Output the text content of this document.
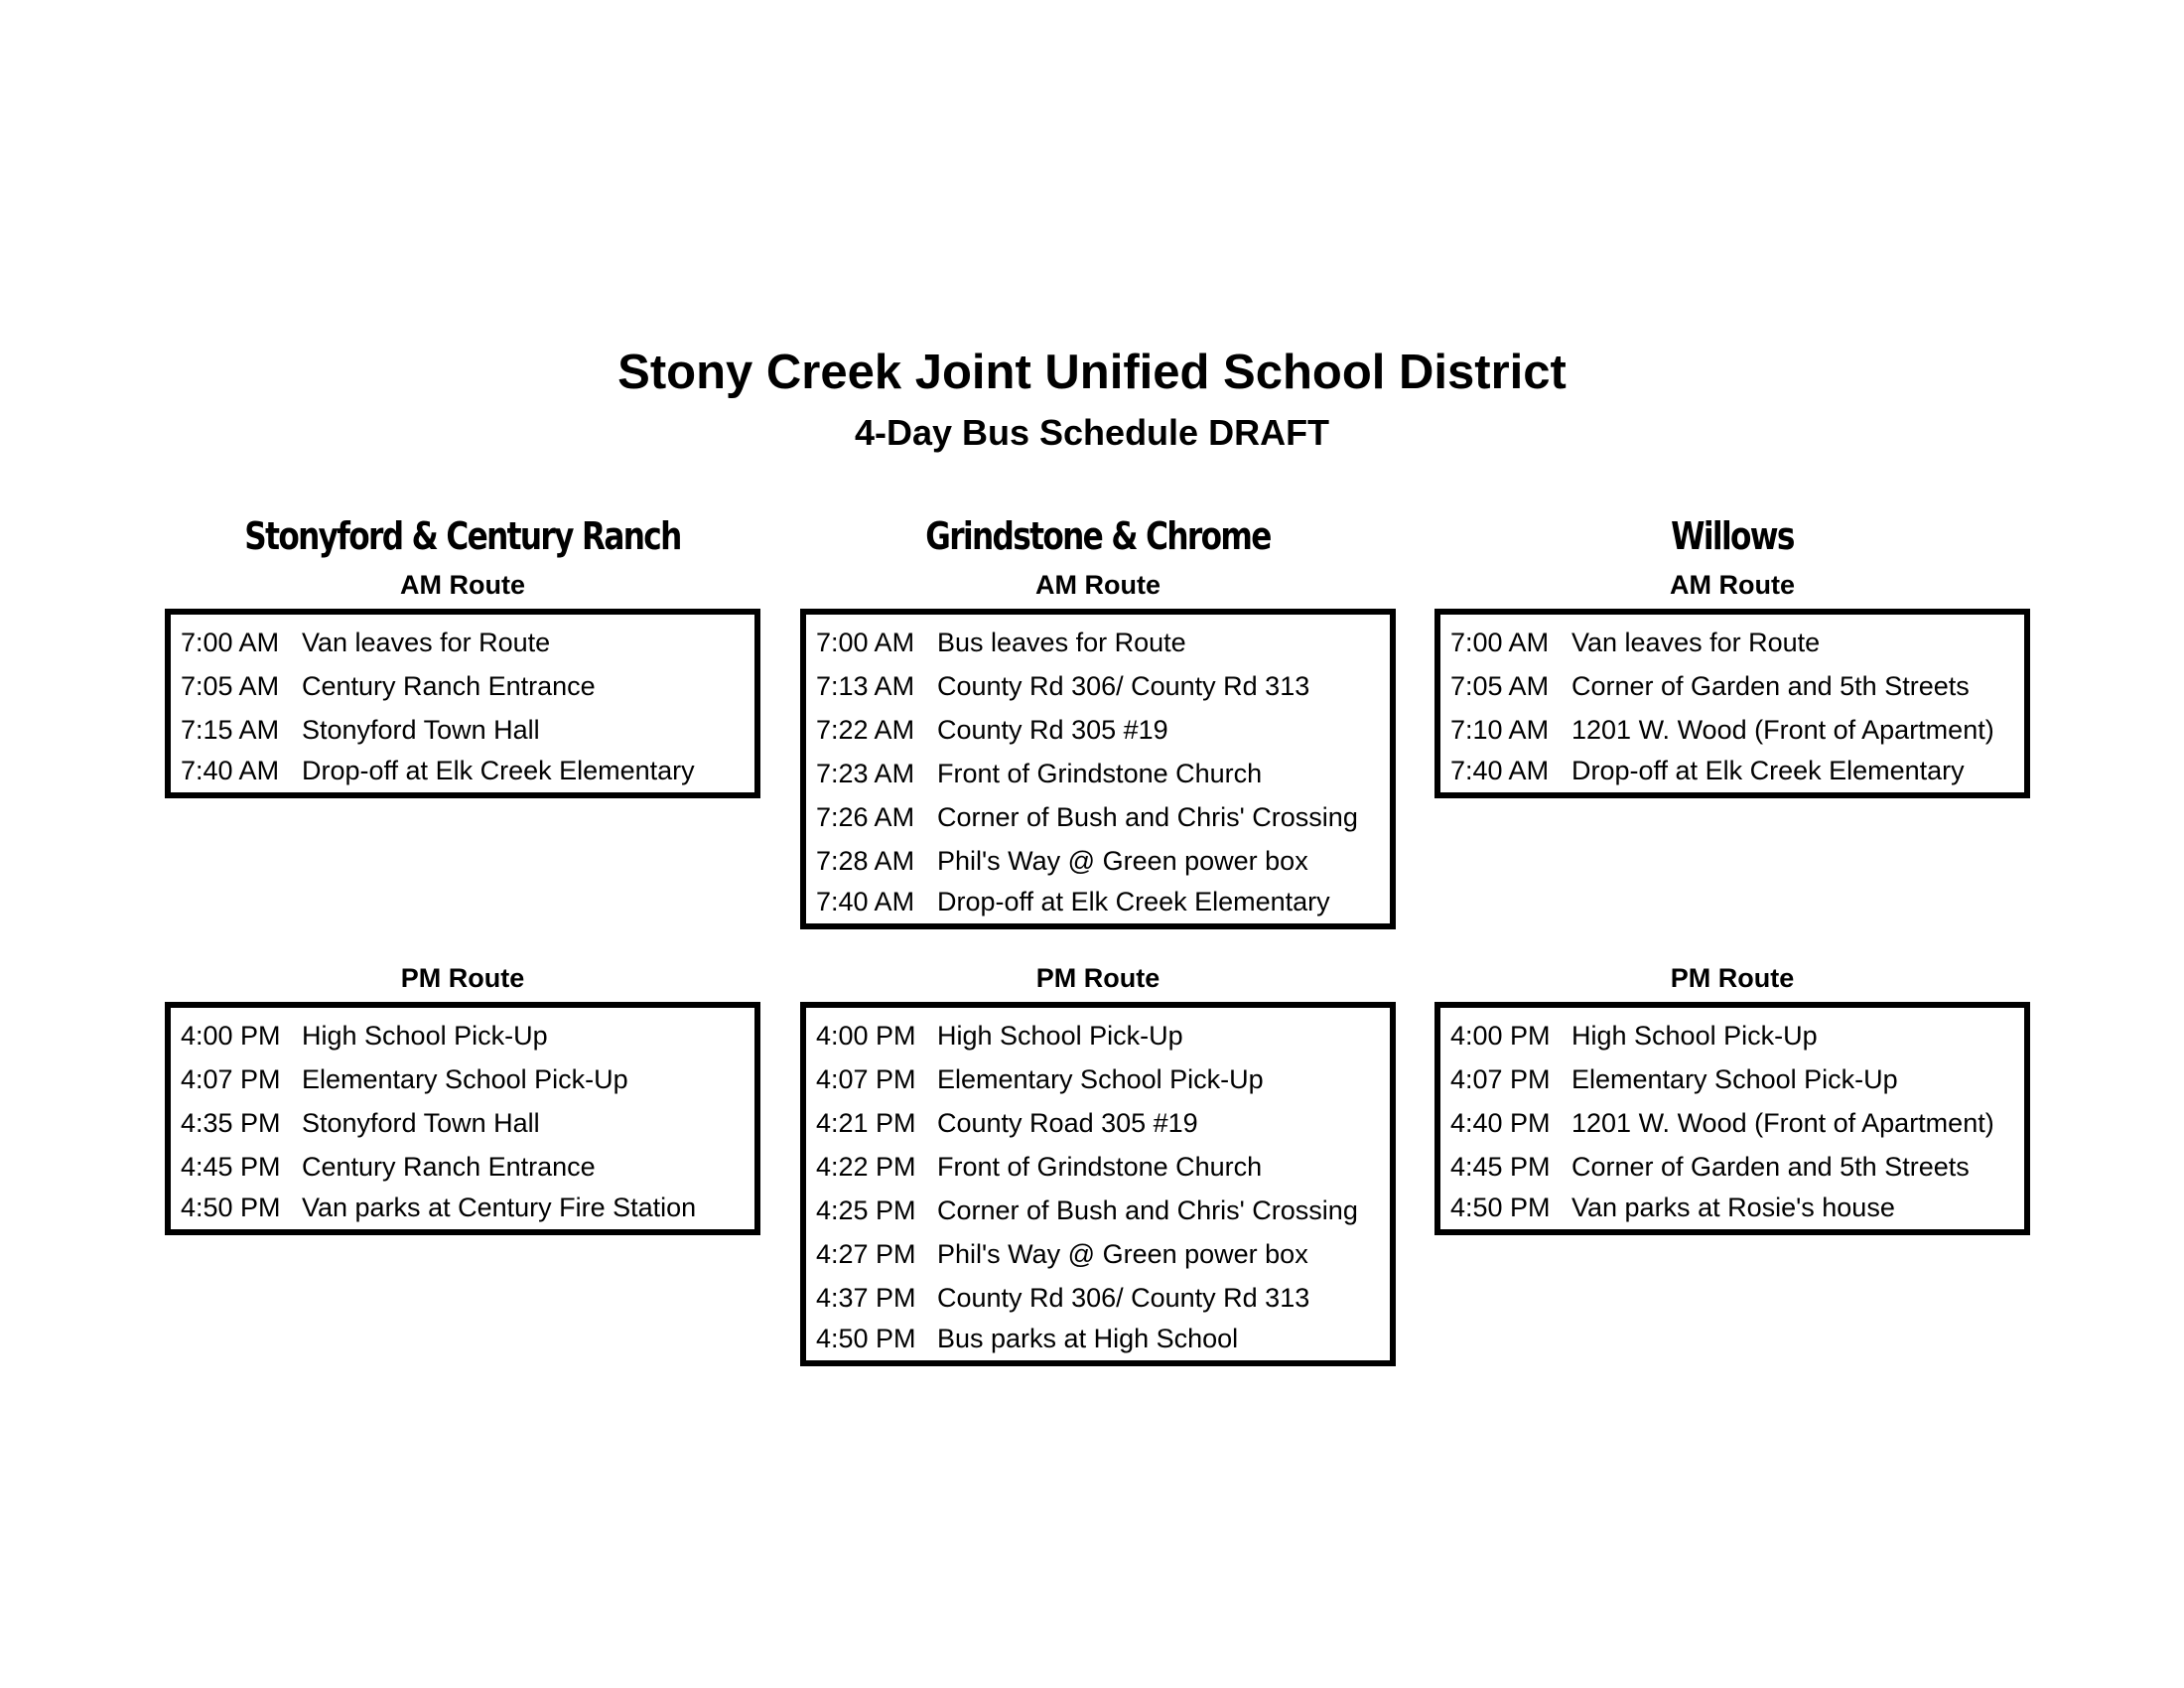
Stony Creek Joint Unified School District
4-Day Bus Schedule DRAFT
Stonyford & Century Ranch
AM Route
7:00 AM Van leaves for Route
7:05 AM Century Ranch Entrance
7:15 AM Stonyford Town Hall
7:40 AM Drop-off at Elk Creek Elementary
PM Route
4:00 PM High School Pick-Up
4:07 PM Elementary School Pick-Up
4:35 PM Stonyford Town Hall
4:45 PM Century Ranch Entrance
4:50 PM Van parks at Century Fire Station
Grindstone & Chrome
AM Route
7:00 AM Bus leaves for Route
7:13 AM County Rd 306/ County Rd 313
7:22 AM County Rd 305 #19
7:23 AM Front of Grindstone Church
7:26 AM Corner of Bush and Chris' Crossing
7:28 AM Phil's Way @ Green power box
7:40 AM Drop-off at Elk Creek Elementary
PM Route
4:00 PM High School Pick-Up
4:07 PM Elementary School Pick-Up
4:21 PM County Road 305 #19
4:22 PM Front of Grindstone Church
4:25 PM Corner of Bush and Chris' Crossing
4:27 PM Phil's Way @ Green power box
4:37 PM County Rd 306/ County Rd 313
4:50 PM Bus parks at High School
Willows
AM Route
7:00 AM Van leaves for Route
7:05 AM Corner of Garden and 5th Streets
7:10 AM 1201 W. Wood (Front of Apartment)
7:40 AM Drop-off at Elk Creek Elementary
PM Route
4:00 PM High School Pick-Up
4:07 PM Elementary School Pick-Up
4:40 PM 1201 W. Wood (Front of Apartment)
4:45 PM Corner of Garden and 5th Streets
4:50 PM Van parks at Rosie's house
